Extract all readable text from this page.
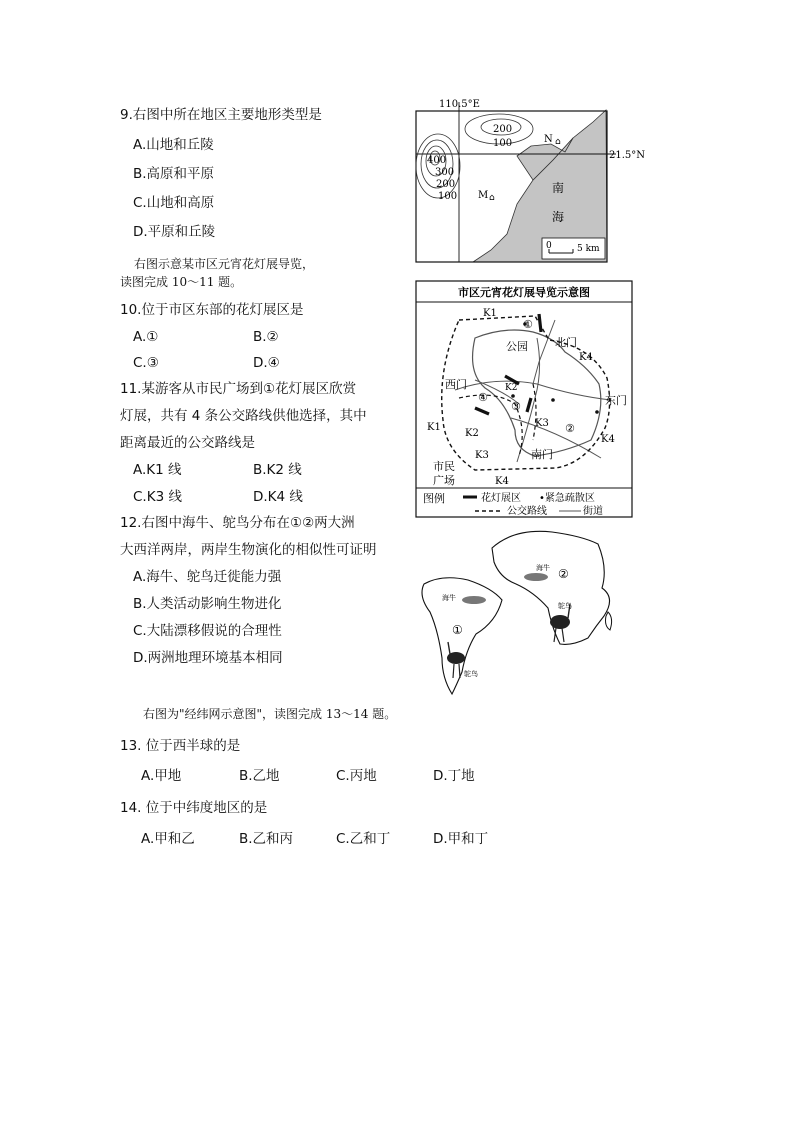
9.右图中所在地区主要地形类型是
A.山地和丘陵
B.高原和平原
C.山地和高原
D.平原和丘陵
右图示意某市区元宵花灯展导览，
读图完成 10～11 题。
10.位于市区东部的花灯展区是
A.①	B.②
C.③	D.④
11.某游客从市民广场到①花灯展区欣赏
灯展，共有 4 条公交路线供他选择，其中
距离最近的公交路线是
A.K1 线	B.K2 线
C.K3 线	D.K4 线
12.右图中海牛、鸵鸟分布在①②两大洲
大西洋两岸，两岸生物演化的相似性可证明
A.海牛、鸵鸟迁徙能力强
B.人类活动影响生物进化
C.大陆漂移假说的合理性
D.两洲地理环境基本相同
右图为"经纬网示意图"，读图完成 13～14 题。
13. 位于西半球的是
A.甲地	B.乙地	C.丙地	D.丁地
14. 位于中纬度地区的是
A.甲和乙	B.乙和丙	C.乙和丁	D.甲和丁
110.5°E
21.5°N
200
100
400
300
200
100
N ⌂
M ⌂
南
海
0	5 km
市区元宵花灯展导览示意图
①
②
③
④
公园 北门
西门
东门
南门
市民
广场
K1
K1
K2
K2
K3
K3
K4
K4
K4
图例	花灯展区 •紧急疏散区
公交路线	街道
海牛 ②
鸵鸟
海牛
①
鸵鸟
